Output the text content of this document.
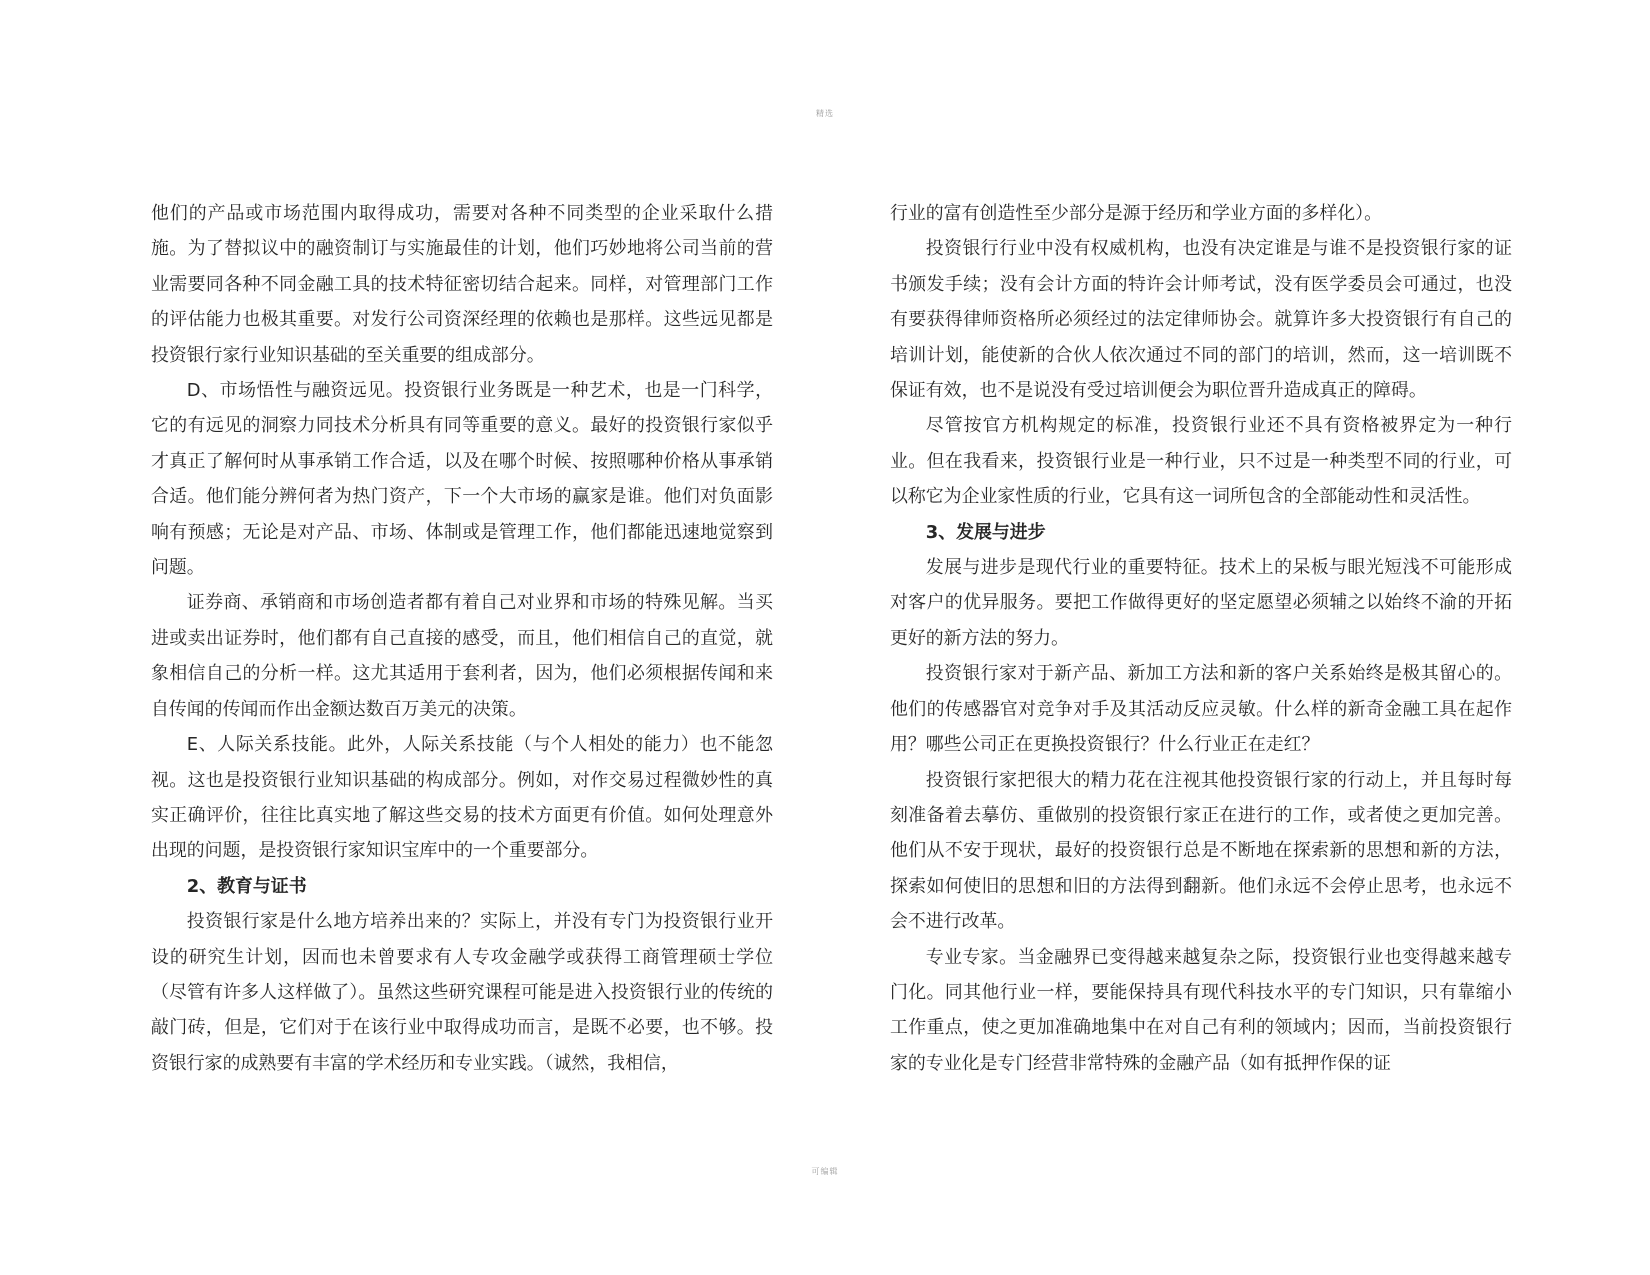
精选

他们的产品或市场范围内取得成功，需要对各种不同类型的企业采取什么措施。为了替拟议中的融资制订与实施最佳的计划，他们巧妙地将公司当前的营业需要同各种不同金融工具的技术特征密切结合起来。同样，对管理部门工作的评估能力也极其重要。对发行公司资深经理的依赖也是那样。这些远见都是投资银行家行业知识基础的至关重要的组成部分。

D、市场悟性与融资远见。投资银行业务既是一种艺术，也是一门科学，它的有远见的洞察力同技术分析具有同等重要的意义。最好的投资银行家似乎才真正了解何时从事承销工作合适，以及在哪个时候、按照哪种价格从事承销合适。他们能分辨何者为热门资产，下一个大市场的赢家是谁。他们对负面影响有预感；无论是对产品、市场、体制或是管理工作，他们都能迅速地觉察到问题。

证券商、承销商和市场创造者都有着自己对业界和市场的特殊见解。当买进或卖出证券时，他们都有自己直接的感受，而且，他们相信自己的直觉，就象相信自己的分析一样。这尤其适用于套利者，因为，他们必须根据传闻和来自传闻的传闻而作出金额达数百万美元的决策。

E、人际关系技能。此外，人际关系技能（与个人相处的能力）也不能忽视。这也是投资银行业知识基础的构成部分。例如，对作交易过程微妙性的真实正确评价，往往比真实地了解这些交易的技术方面更有价值。如何处理意外出现的问题，是投资银行家知识宝库中的一个重要部分。

2、教育与证书

投资银行家是什么地方培养出来的？实际上，并没有专门为投资银行业开设的研究生计划，因而也未曾要求有人专攻金融学或获得工商管理硕士学位（尽管有许多人这样做了）。虽然这些研究课程可能是进入投资银行业的传统的敲门砖，但是，它们对于在该行业中取得成功而言，是既不必要，也不够。投资银行家的成熟要有丰富的学术经历和专业实践。（诚然，我相信，

行业的富有创造性至少部分是源于经历和学业方面的多样化）。

投资银行行业中没有权威机构，也没有决定谁是与谁不是投资银行家的证书颁发手续；没有会计方面的特许会计师考试，没有医学委员会可通过，也没有要获得律师资格所必须经过的法定律师协会。就算许多大投资银行有自己的培训计划，能使新的合伙人依次通过不同的部门的培训，然而，这一培训既不保证有效，也不是说没有受过培训便会为职位晋升造成真正的障碍。

尽管按官方机构规定的标准，投资银行业还不具有资格被界定为一种行业。但在我看来，投资银行业是一种行业，只不过是一种类型不同的行业，可以称它为企业家性质的行业，它具有这一词所包含的全部能动性和灵活性。

3、发展与进步

发展与进步是现代行业的重要特征。技术上的呆板与眼光短浅不可能形成对客户的优异服务。要把工作做得更好的坚定愿望必须辅之以始终不渝的开拓更好的新方法的努力。

投资银行家对于新产品、新加工方法和新的客户关系始终是极其留心的。他们的传感器官对竞争对手及其活动反应灵敏。什么样的新奇金融工具在起作用？哪些公司正在更换投资银行？什么行业正在走红？

投资银行家把很大的精力花在注视其他投资银行家的行动上，并且每时每刻准备着去摹仿、重做别的投资银行家正在进行的工作，或者使之更加完善。他们从不安于现状，最好的投资银行总是不断地在探索新的思想和新的方法，探索如何使旧的思想和旧的方法得到翻新。他们永远不会停止思考，也永远不会不进行改革。

专业专家。当金融界已变得越来越复杂之际，投资银行业也变得越来越专门化。同其他行业一样，要能保持具有现代科技水平的专门知识，只有靠缩小工作重点，使之更加准确地集中在对自己有利的领域内；因而，当前投资银行家的专业化是专门经营非常特殊的金融产品（如有抵押作保的证

可编辑
